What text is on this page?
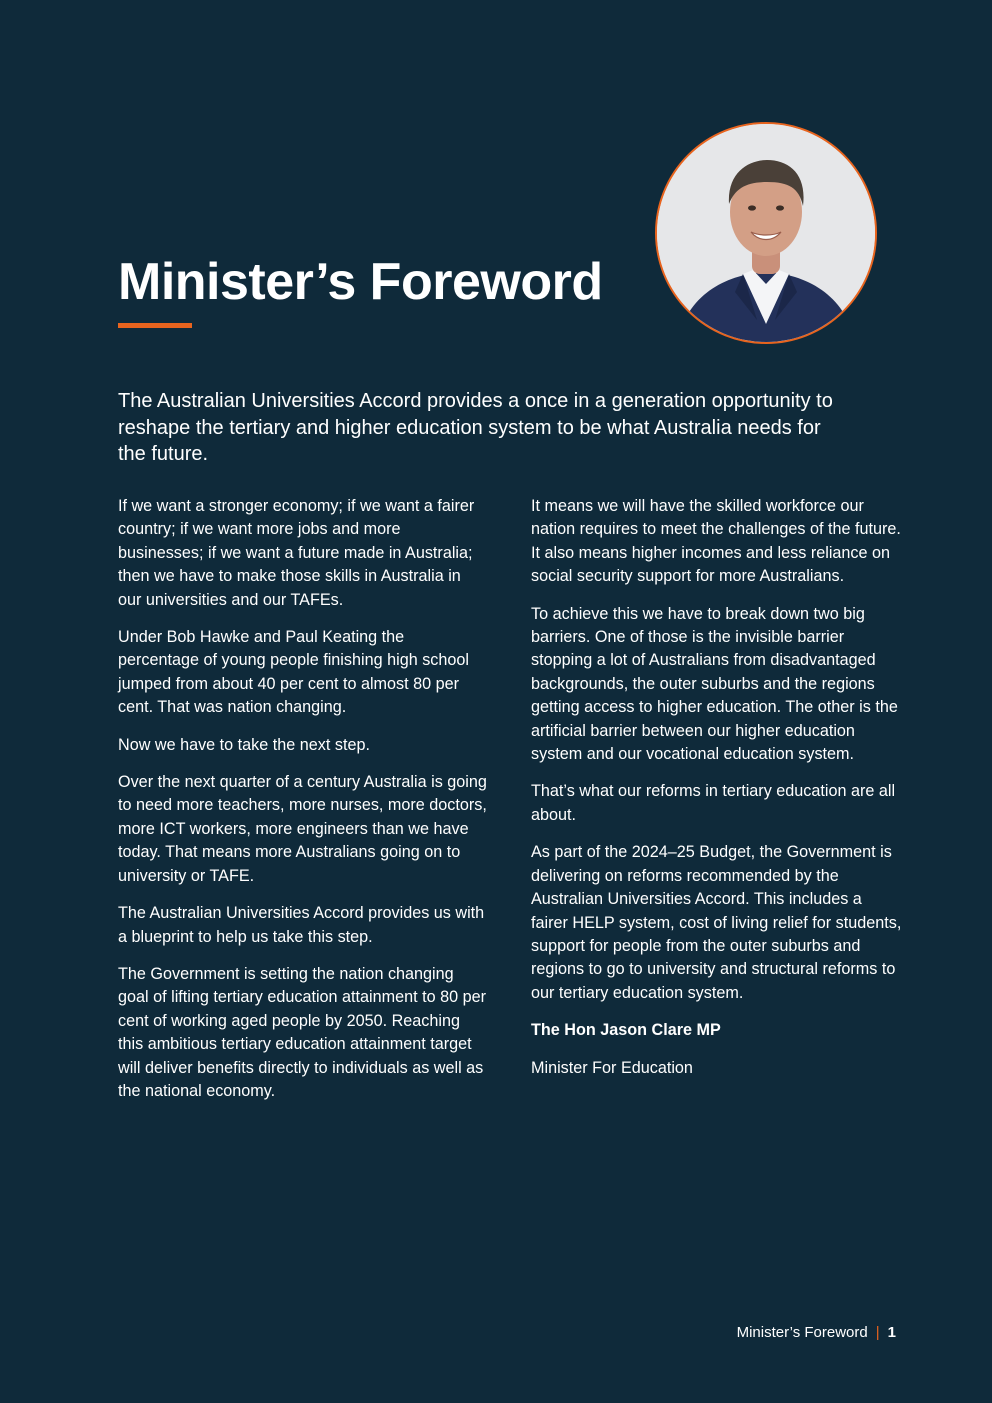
Minister’s Foreword

The Australian Universities Accord provides a once in a generation opportunity to reshape the tertiary and higher education system to be what Australia needs for the future.

If we want a stronger economy; if we want a fairer country; if we want more jobs and more businesses; if we want a future made in Australia; then we have to make those skills in Australia in our universities and our TAFEs.

Under Bob Hawke and Paul Keating the percentage of young people finishing high school jumped from about 40 per cent to almost 80 per cent. That was nation changing.

Now we have to take the next step.

Over the next quarter of a century Australia is going to need more teachers, more nurses, more doctors, more ICT workers, more engineers than we have today. That means more Australians going on to university or TAFE.

The Australian Universities Accord provides us with a blueprint to help us take this step.

The Government is setting the nation changing goal of lifting tertiary education attainment to 80 per cent of working aged people by 2050. Reaching this ambitious tertiary education attainment target will deliver benefits directly to individuals as well as the national economy.

It means we will have the skilled workforce our nation requires to meet the challenges of the future. It also means higher incomes and less reliance on social security support for more Australians.

To achieve this we have to break down two big barriers. One of those is the invisible barrier stopping a lot of Australians from disadvantaged backgrounds, the outer suburbs and the regions getting access to higher education. The other is the artificial barrier between our higher education system and our vocational education system.

That’s what our reforms in tertiary education are all about.

As part of the 2024–25 Budget, the Government is delivering on reforms recommended by the Australian Universities Accord. This includes a fairer HELP system, cost of living relief for students, support for people from the outer suburbs and regions to go to university and structural reforms to our tertiary education system.

The Hon Jason Clare MP

Minister For Education

Minister’s Foreword | 1
